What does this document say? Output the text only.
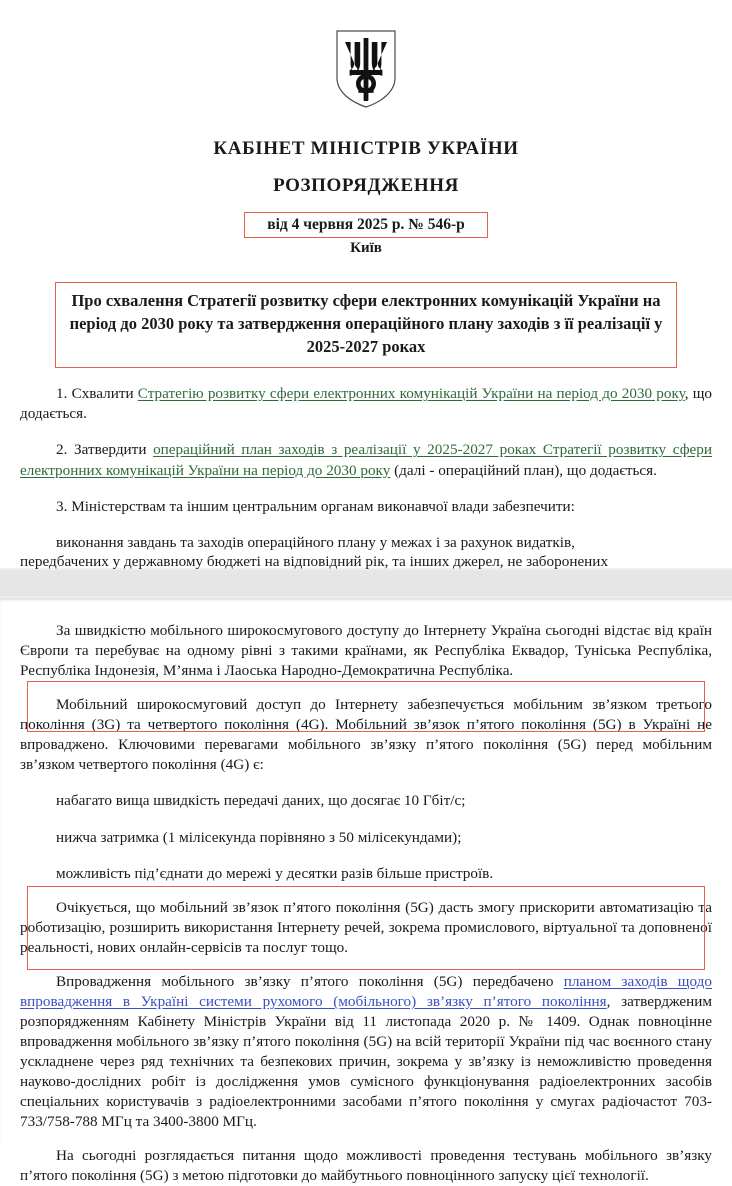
КАБІНЕТ МІНІСТРІВ УКРАЇНИ
РОЗПОРЯДЖЕННЯ
від 4 червня 2025 р. № 546-р
Київ
Про схвалення Стратегії розвитку сфери електронних комунікацій України на період до 2030 року та затвердження операційного плану заходів з її реалізації у 2025-2027 роках

1. Схвалити Стратегію розвитку сфери електронних комунікацій України на період до 2030 року, що додається.

2. Затвердити операційний план заходів з реалізації у 2025-2027 роках Стратегії розвитку сфери електронних комунікацій України на період до 2030 року (далі - операційний план), що додається.

3. Міністерствам та іншим центральним органам виконавчої влади забезпечити:

виконання завдань та заходів операційного плану у межах і за рахунок видатків,

передбачених у державному бюджеті на відповідний рік, та інших джерел, не заборонених

За швидкістю мобільного широкосмугового доступу до Інтернету Україна сьогодні відстає від країн Європи та перебуває на одному рівні з такими країнами, як Республіка Еквадор, Туніська Республіка, Республіка Індонезія, М’янма і Лаоська Народно-Демократична Республіка.

Мобільний широкосмуговий доступ до Інтернету забезпечується мобільним зв’язком третього покоління (3G) та четвертого покоління (4G). Мобільний зв’язок п’ятого покоління (5G) в Україні не впроваджено. Ключовими перевагами мобільного зв’язку п’ятого покоління (5G) перед мобільним зв’язком четвертого покоління (4G) є:

набагато вища швидкість передачі даних, що досягає 10 Гбіт/с;

нижча затримка (1 мілісекунда порівняно з 50 мілісекундами);

можливість під’єднати до мережі у десятки разів більше пристроїв.

Очікується, що мобільний зв’язок п’ятого покоління (5G) дасть змогу прискорити автоматизацію та роботизацію, розширить використання Інтернету речей, зокрема промислового, віртуальної та доповненої реальності, нових онлайн-сервісів та послуг тощо.

Впровадження мобільного зв’язку п’ятого покоління (5G) передбачено планом заходів щодо впровадження в Україні системи рухомого (мобільного) зв’язку п’ятого покоління, затвердженим розпорядженням Кабінету Міністрів України від 11 листопада 2020 р. № 1409. Однак повноцінне впровадження мобільного зв’язку п’ятого покоління (5G) на всій території України під час воєнного стану ускладнене через ряд технічних та безпекових причин, зокрема у зв’язку із неможливістю проведення науково-дослідних робіт із дослідження умов сумісного функціонування радіоелектронних засобів спеціальних користувачів з радіоелектронними засобами п’ятого покоління у смугах радіочастот 703-733/758-788 МГц та 3400-3800 МГц.

На сьогодні розглядається питання щодо можливості проведення тестувань мобільного зв’язку п’ятого покоління (5G) з метою підготовки до майбутнього повноцінного запуску цієї технології.
